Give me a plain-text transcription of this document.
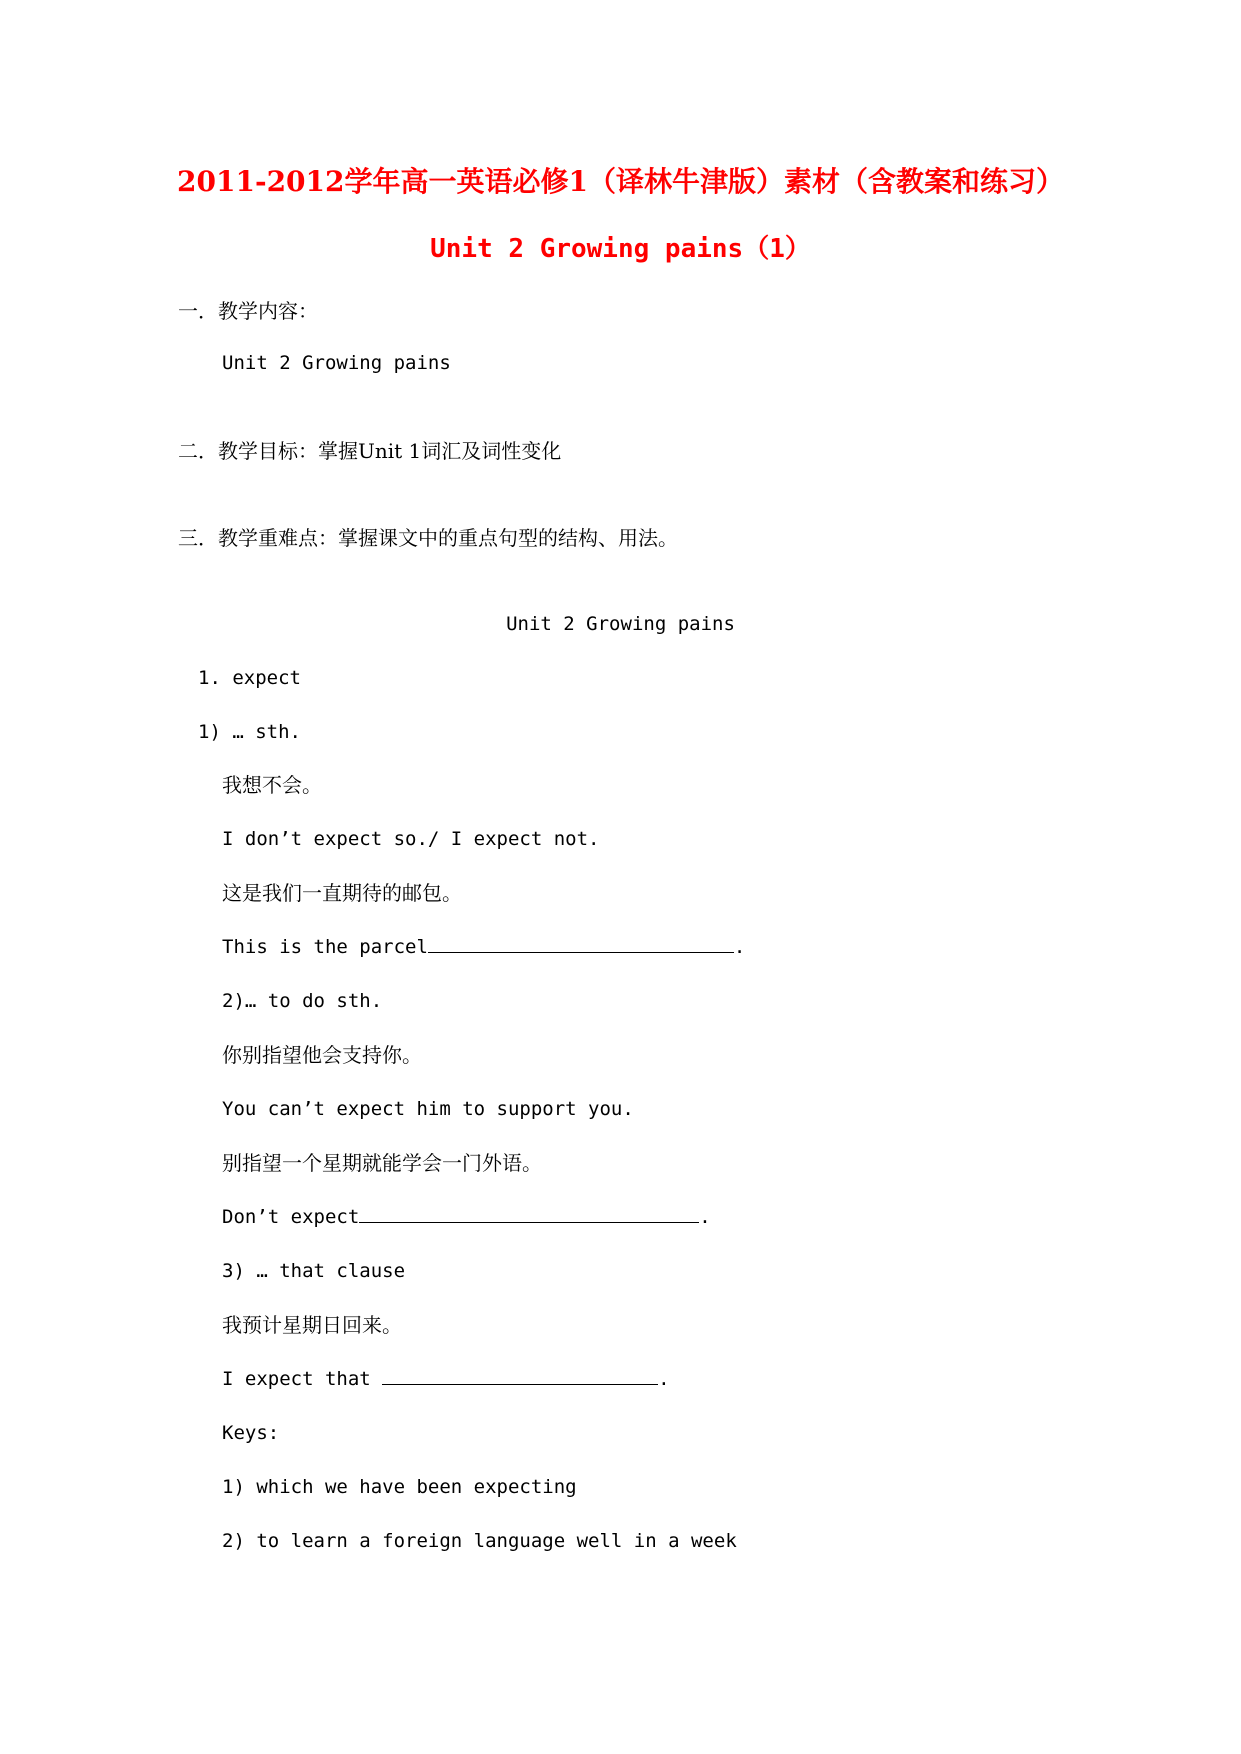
2011-2012学年高一英语必修1（译林牛津版）素材（含教案和练习）
Unit 2 Growing pains（1）
一．教学内容：
Unit 2 Growing pains
二．教学目标：掌握Unit 1词汇及词性变化
三．教学重难点：掌握课文中的重点句型的结构、用法。
Unit 2 Growing pains
1. expect
1) … sth.
我想不会。
I don’t expect so./ I expect not.
这是我们一直期待的邮包。
This is the parcel	.
2)… to do sth.
你别指望他会支持你。
You can’t expect him to support you.
别指望一个星期就能学会一门外语。
Don’t expect	.
3) … that clause
我预计星期日回来。
I expect that	.
Keys:
1) which we have been expecting
2) to learn a foreign language well in a week
